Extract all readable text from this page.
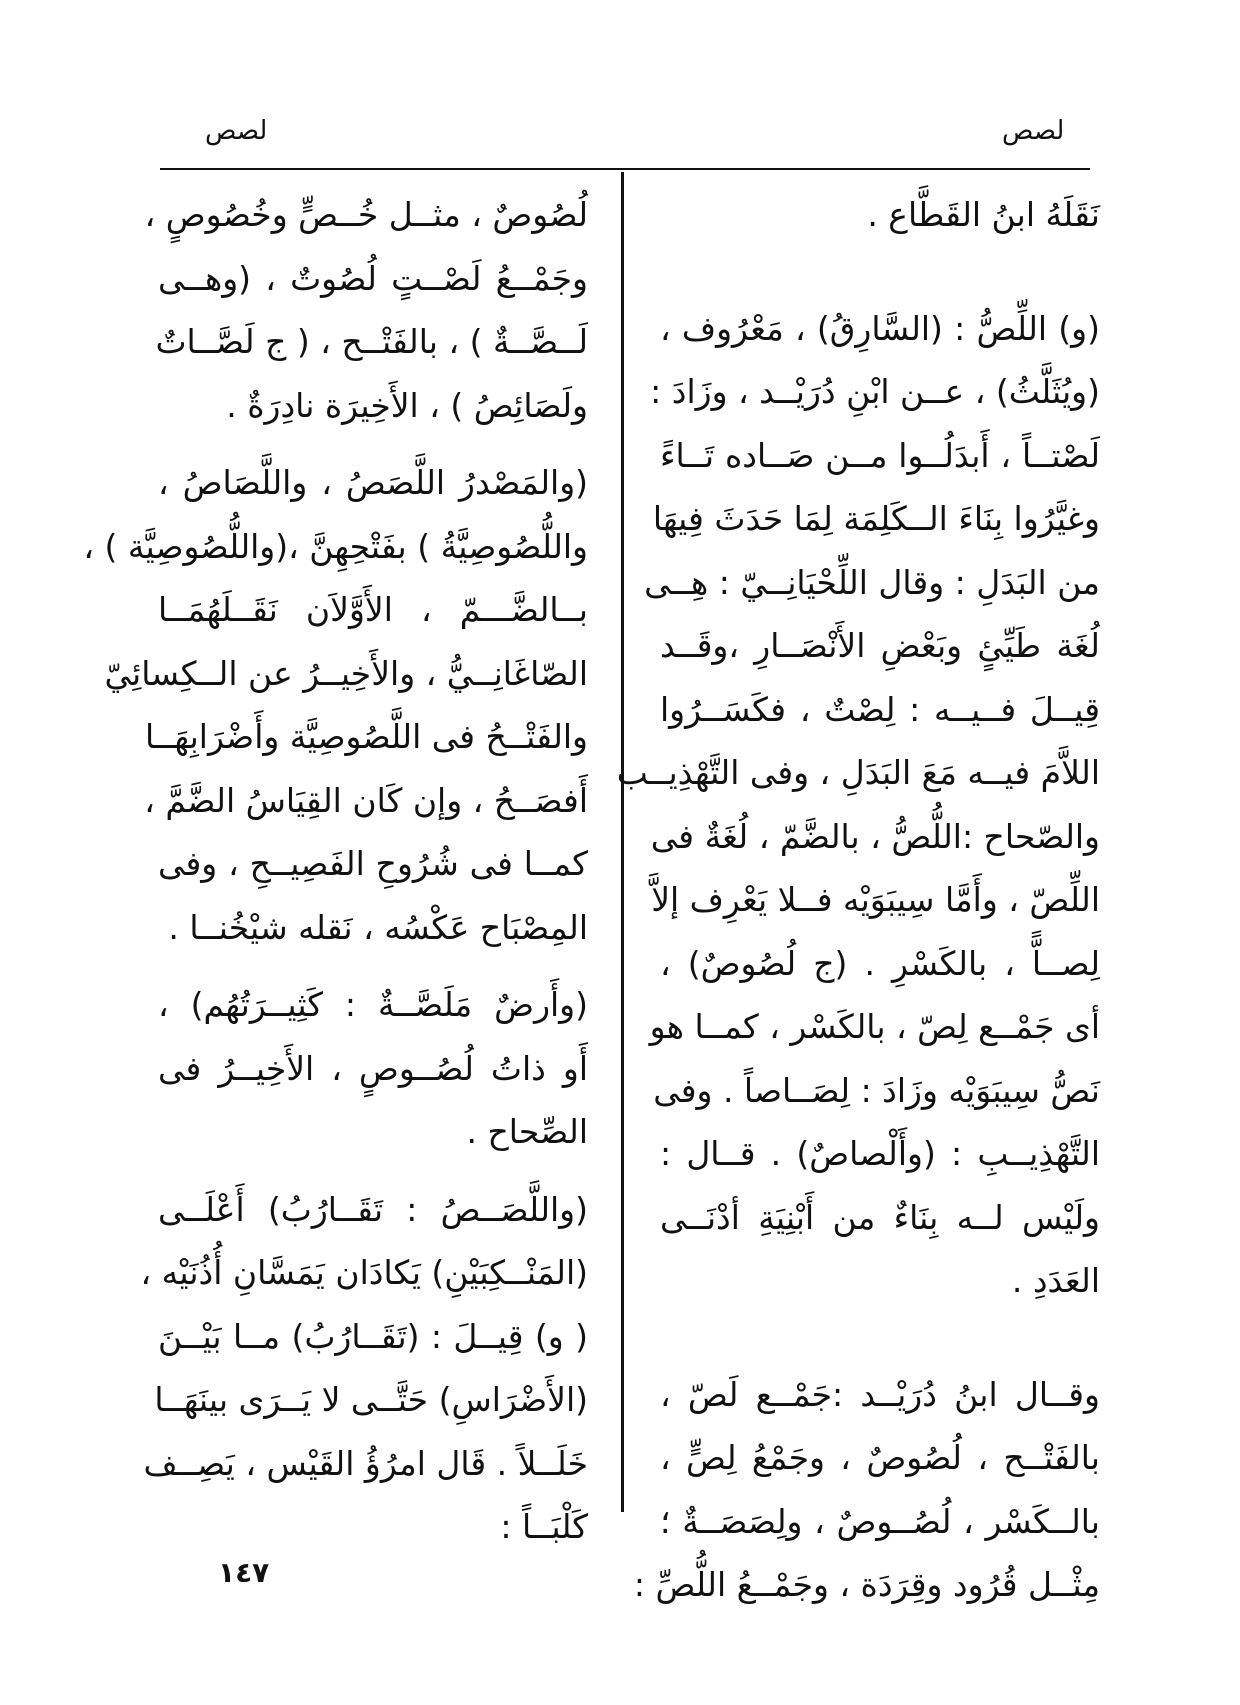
لصص
لصص
نَقَلَهُ ابنُ القَطَّاع .
(و) اللِّصُّ : (السَّارِقُ) ، مَعْرُوف ،
(ويُثَلَّثُ) ، عــن ابْنِ دُرَيْــد ، وزَادَ :
لَصْتــاً ، أَبدَلُــوا مــن صَــاده تَــاءً
وغيَّرُوا بِنَاءَ الــكَلِمَة لِمَا حَدَثَ فِيهَا
من البَدَلِ : وقال اللِّحْيَانِــيّ : هِــى
لُغَة طَيِّئٍ وبَعْضِ الأَنْصَــارِ ،وقَــد
قِيــلَ فــيــه : لِصْتٌ ، فكَسَــرُوا
اللاَّمَ فيــه مَعَ البَدَلِ ، وفى التَّهْذِيــب
والصّحاح :اللُّصُّ ، بالضَّمّ ، لُغَةٌ فى
اللِّصّ ، وأَمَّا سِيبَوَيْه فــلا يَعْرِف إلاَّ
لِصــاًّ ، بالكَسْرِ . (ج لُصُوصٌ) ،
أى جَمْــع لِصّ ، بالكَسْر ، كمــا هو
نَصُّ سِيبَوَيْه وزَادَ : لِصَــاصاً . وفى
التَّهْذِيــبِ : (وأَلْصاصٌ) . قــال :
ولَيْس لــه بِنَاءٌ من أَبْنِيَةِ أدْنَــى
العَدَدِ .
وقــال ابنُ دُرَيْــد :جَمْــع لَصّ ،
بالفَتْــح ، لُصُوصٌ ، وجَمْعُ لِصٍّ ،
بالــكَسْر ، لُصُــوصٌ ، ولِصَصَــةٌ ؛
مِثْــل قُرُود وقِرَدَة ، وجَمْــعُ اللُّصِّ :
لُصُوصٌ ، مثــل خُــصٍّ وخُصُوصٍ ،
وجَمْــعُ لَصْــتٍ لُصُوتٌ ، (وهــى
لَــصَّــةٌ ) ، بالفَتْــح ، ( ج لَصَّــاتٌ
ولَصَائِصُ ) ، الأَخِيرَة نادِرَةٌ .
(والمَصْدرُ اللَّصَصُ ، واللَّصَاصُ ،
واللُّصُوصِيَّةُ ) بفَتْحِهِنَّ ،(واللُّصُوصِيَّة ) ،
بــالضَّـــمّ ، الأَوَّلاَن نَقَــلَهُمَــا
الصّاغَانِــيُّ ، والأَخِيــرُ عن الــكِسائِيّ
والفَتْــحُ فى اللَّصُوصِيَّة وأَضْرَابِهَــا
أَفصَــحُ ، وإن كَان القِيَاسُ الضَّمَّ ،
كمــا فى شُرُوحِ الفَصِيــحِ ، وفى
المِصْبَاح عَكْسُه ، نَقله شيْخُنــا .
(وأَرضٌ مَلَصَّــةٌ : كَثِيــرَتُهُم) ،
أَو ذاتُ لُصُــوصٍ ، الأَخِيــرُ فى
الصِّحاح .
(واللَّصَــصُ : تَقَــارُبُ) أَعْلَــى
(المَنْــكِبَيْنِ) يَكادَان يَمَسَّانِ أُذُنَيْه ،
( و) قِيــلَ : (تَقَــارُبُ) مــا بَيْــنَ
(الأَضْرَاسِ) حَتَّــى لا يَــرَى بينَهَــا
خَلَــلاً . قَال امرُؤُ القَيْس ، يَصِــف
كَلْبَــاً :
١٤٧
